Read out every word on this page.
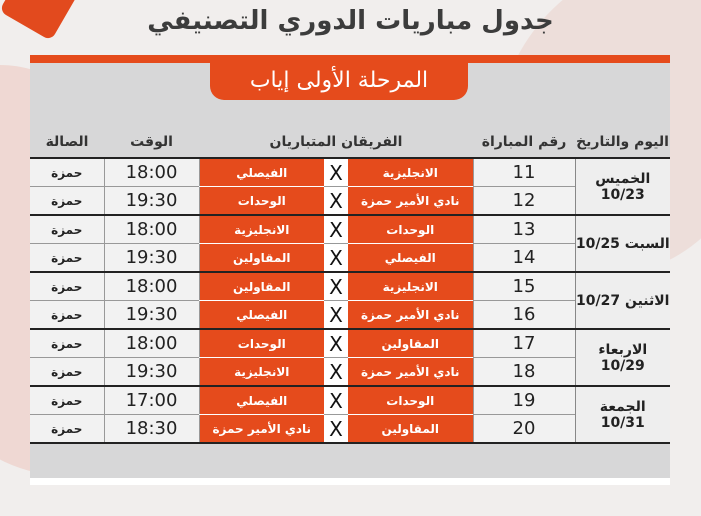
جدول مباريات الدوري التصنيفي
المرحلة الأولى إياب
اليوم والتاريخ	رقم المباراة	الفريقان المتباريان			الوقت	الصالة
الخميس 10/23	11	الانجليزية	X	الفيصلي	18:00	حمزة
	12	نادي الأمير حمزة	X	الوحدات	19:30	حمزة
السبت 10/25	13	الوحدات	X	الانجليزية	18:00	حمزة
	14	الفيصلي	X	المقاولين	19:30	حمزة
الاثنين 10/27	15	الانجليزية	X	المقاولين	18:00	حمزة
	16	نادي الأمير حمزة	X	الفيصلي	19:30	حمزة
الاربعاء 10/29	17	المقاولين	X	الوحدات	18:00	حمزة
	18	نادي الأمير حمزة	X	الانجليزية	19:30	حمزة
الجمعة 10/31	19	الوحدات	X	الفيصلي	17:00	حمزة
	20	المقاولين	X	نادي الأمير حمزة	18:30	حمزة
